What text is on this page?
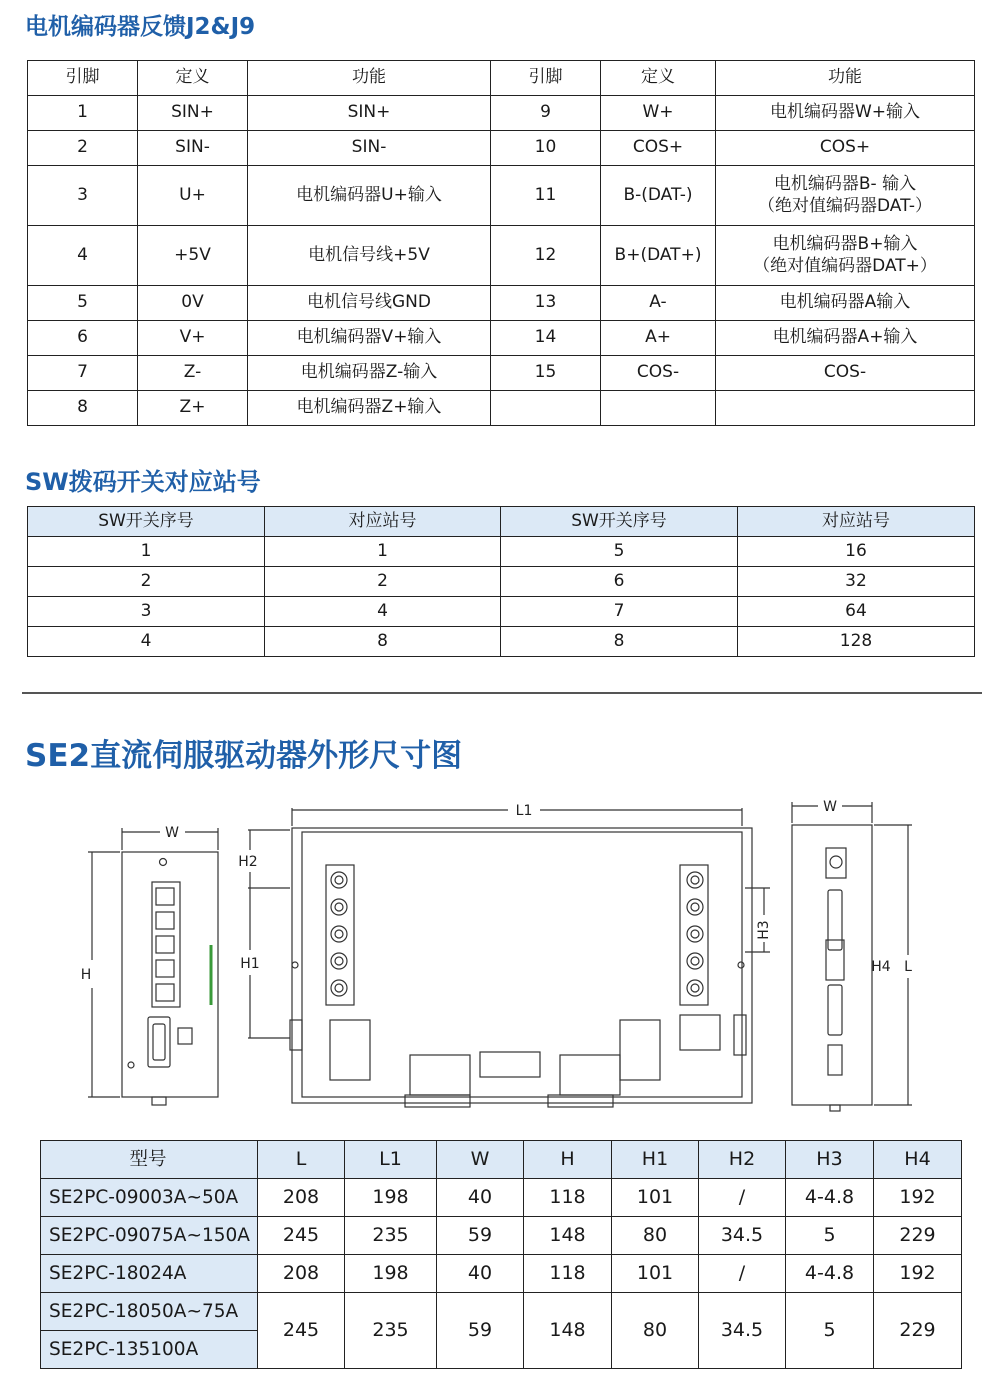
电机编码器反馈J2&J9
引脚	定义	功能	引脚	定义	功能
1	SIN+	SIN+	9	W+	电机编码器W+输入
2	SIN-	SIN-	10	COS+	COS+
3	U+	电机编码器U+输入	11	B-(DAT-)	电机编码器B- 输入
（绝对值编码器DAT-）
4	+5V	电机信号线+5V	12	B+(DAT+)	电机编码器B+输入
（绝对值编码器DAT+）
5	0V	电机信号线GND	13	A-	电机编码器A输入
6	V+	电机编码器V+输入	14	A+	电机编码器A+输入
7	Z-	电机编码器Z-输入	15	COS-	COS-
8	Z+	电机编码器Z+输入			
SW拨码开关对应站号
SW开关序号	对应站号	SW开关序号	对应站号
1	1	5	16
2	2	6	32
3	4	7	64
4	8	8	128
SE2直流伺服驱动器外形尺寸图
W
H
L1
H2
H1
H3
W
H4 L
型号	L	L1	W	H	H1	H2	H3	H4
SE2PC-09003A~50A	208	198	40	118	101	/	4-4.8	192
SE2PC-09075A~150A	245	235	59	148	80	34.5	5	229
SE2PC-18024A	208	198	40	118	101	/	4-4.8	192
SE2PC-18050A~75A	245	235	59	148	80	34.5	5	229
SE2PC-135100A								
